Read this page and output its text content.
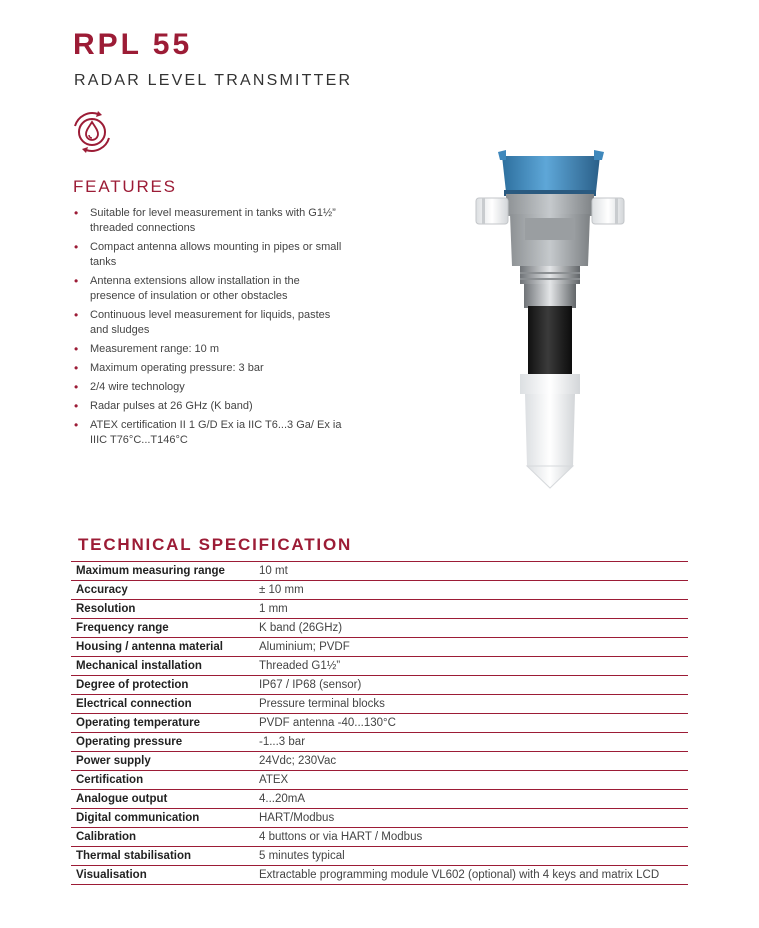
RPL 55
RADAR LEVEL TRANSMITTER
FEATURES
• Suitable for level measurement in tanks with G1½” threaded connections
• Compact antenna allows mounting in pipes or small tanks
• Antenna extensions allow installation in the presence of insulation or other obstacles
• Continuous level measurement for liquids, pastes and sludges
• Measurement range: 10 m
• Maximum operating pressure: 3 bar
• 2/4 wire technology
• Radar pulses at 26 GHz (K band)
• ATEX certification II 1 G/D Ex ia IIC T6...3 Ga/ Ex ia IIIC T76°C...T146°C
TECHNICAL SPECIFICATION
Maximum measuring range	10 mt
Accuracy	± 10 mm
Resolution	1 mm
Frequency range	K band (26GHz)
Housing / antenna material	Aluminium; PVDF
Mechanical installation	Threaded G1½”
Degree of protection	IP67 / IP68 (sensor)
Electrical connection	Pressure terminal blocks
Operating temperature	PVDF antenna -40...130°C
Operating pressure	-1...3 bar
Power supply	24Vdc; 230Vac
Certification	ATEX
Analogue output	4...20mA
Digital communication	HART/Modbus
Calibration	4 buttons or via HART / Modbus
Thermal stabilisation	5 minutes typical
Visualisation	Extractable programming module VL602 (optional) with 4 keys and matrix LCD
